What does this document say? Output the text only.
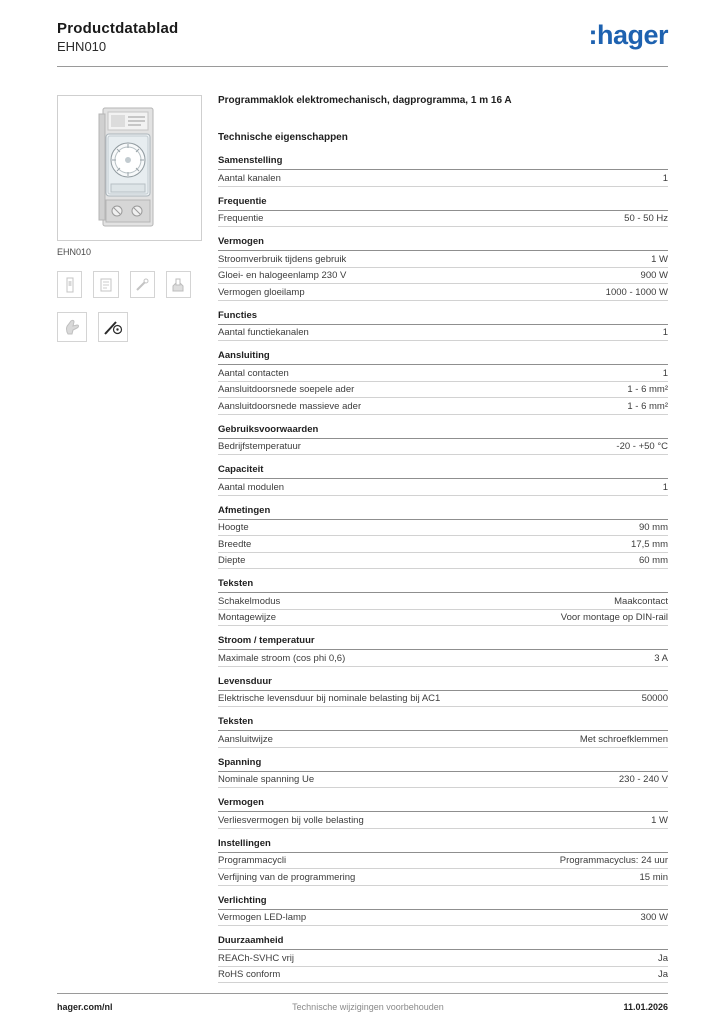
Productdatablad
EHN010	:hager
EHN010
Programmaklok elektromechanisch, dagprogramma, 1 m 16 A
Technische eigenschappen
Samenstelling
Aantal kanalen	1
Frequentie
Frequentie	50 - 50 Hz
Vermogen
Stroomverbruik tijdens gebruik	1 W
Gloei- en halogeenlamp 230 V	900 W
Vermogen gloeilamp	1000 - 1000 W
Functies
Aantal functiekanalen	1
Aansluiting
Aantal contacten	1
Aansluitdoorsnede soepele ader	1 - 6 mm²
Aansluitdoorsnede massieve ader	1 - 6 mm²
Gebruiksvoorwaarden
Bedrijfstemperatuur	-20 - +50 °C
Capaciteit
Aantal modulen	1
Afmetingen
Hoogte	90 mm
Breedte	17,5 mm
Diepte	60 mm
Teksten
Schakelmodus	Maakcontact
Montagewijze	Voor montage op DIN-rail
Stroom / temperatuur
Maximale stroom (cos phi 0,6)	3 A
Levensduur
Elektrische levensduur bij nominale belasting bij AC1	50000
Teksten
Aansluitwijze	Met schroefklemmen
Spanning
Nominale spanning Ue	230 - 240 V
Vermogen
Verliesvermogen bij volle belasting	1 W
Instellingen
Programmacycli	Programmacyclus: 24 uur
Verfijning van de programmering	15 min
Verlichting
Vermogen LED-lamp	300 W
Duurzaamheid
REACh-SVHC vrij	Ja
RoHS conform	Ja
hager.com/nl	Technische wijzigingen voorbehouden	11.01.2026
